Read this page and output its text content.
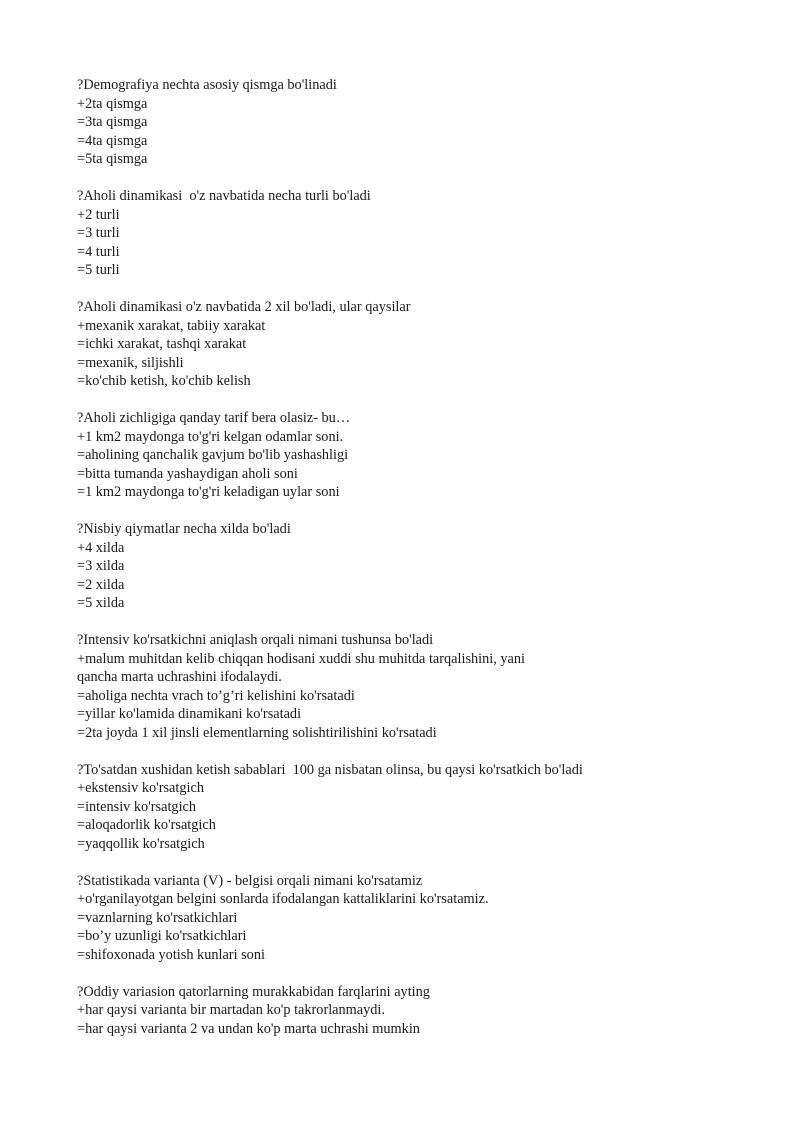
?Demografiya nechta asosiy qismga bo'linadi
+2ta qismga
=3ta qismga
=4ta qismga
=5ta qismga
?Aholi dinamikasi  o'z navbatida necha turli bo'ladi
+2 turli
=3 turli
=4 turli
=5 turli
?Aholi dinamikasi o'z navbatida 2 xil bo'ladi, ular qaysilar
+mexanik xarakat, tabiiy xarakat
=ichki xarakat, tashqi xarakat
=mexanik, siljishli
=ko'chib ketish, ko'chib kelish
?Aholi zichligiga qanday tarif bera olasiz- bu…
+1 km2 maydonga to'g'ri kelgan odamlar soni.
=aholining qanchalik gavjum bo'lib yashashligi
=bitta tumanda yashaydigan aholi soni
=1 km2 maydonga to'g'ri keladigan uylar soni
?Nisbiy qiymatlar necha xilda bo'ladi
+4 xilda
=3 xilda
=2 xilda
=5 xilda
?Intensiv ko'rsatkichni aniqlash orqali nimani tushunsa bo'ladi
+malum muhitdan kelib chiqqan hodisani xuddi shu muhitda tarqalishini, yani
qancha marta uchrashini ifodalaydi.
=aholiga nechta vrach to’g’ri kelishini ko'rsatadi
=yillar ko'lamida dinamikani ko'rsatadi
=2ta joyda 1 xil jinsli elementlarning solishtirilishini ko'rsatadi
?To'satdan xushidan ketish sabablari  100 ga nisbatan olinsa, bu qaysi ko'rsatkich bo'ladi
+ekstensiv ko'rsatgich
=intensiv ko'rsatgich
=aloqadorlik ko'rsatgich
=yaqqollik ko'rsatgich
?Statistikada varianta (V) - belgisi orqali nimani ko'rsatamiz
+o'rganilayotgan belgini sonlarda ifodalangan kattaliklarini ko'rsatamiz.
=vaznlarning ko'rsatkichlari
=bo’y uzunligi ko'rsatkichlari
=shifoxonada yotish kunlari soni
?Oddiy variasion qatorlarning murakkabidan farqlarini ayting
+har qaysi varianta bir martadan ko'p takrorlanmaydi.
=har qaysi varianta 2 va undan ko'p marta uchrashi mumkin
